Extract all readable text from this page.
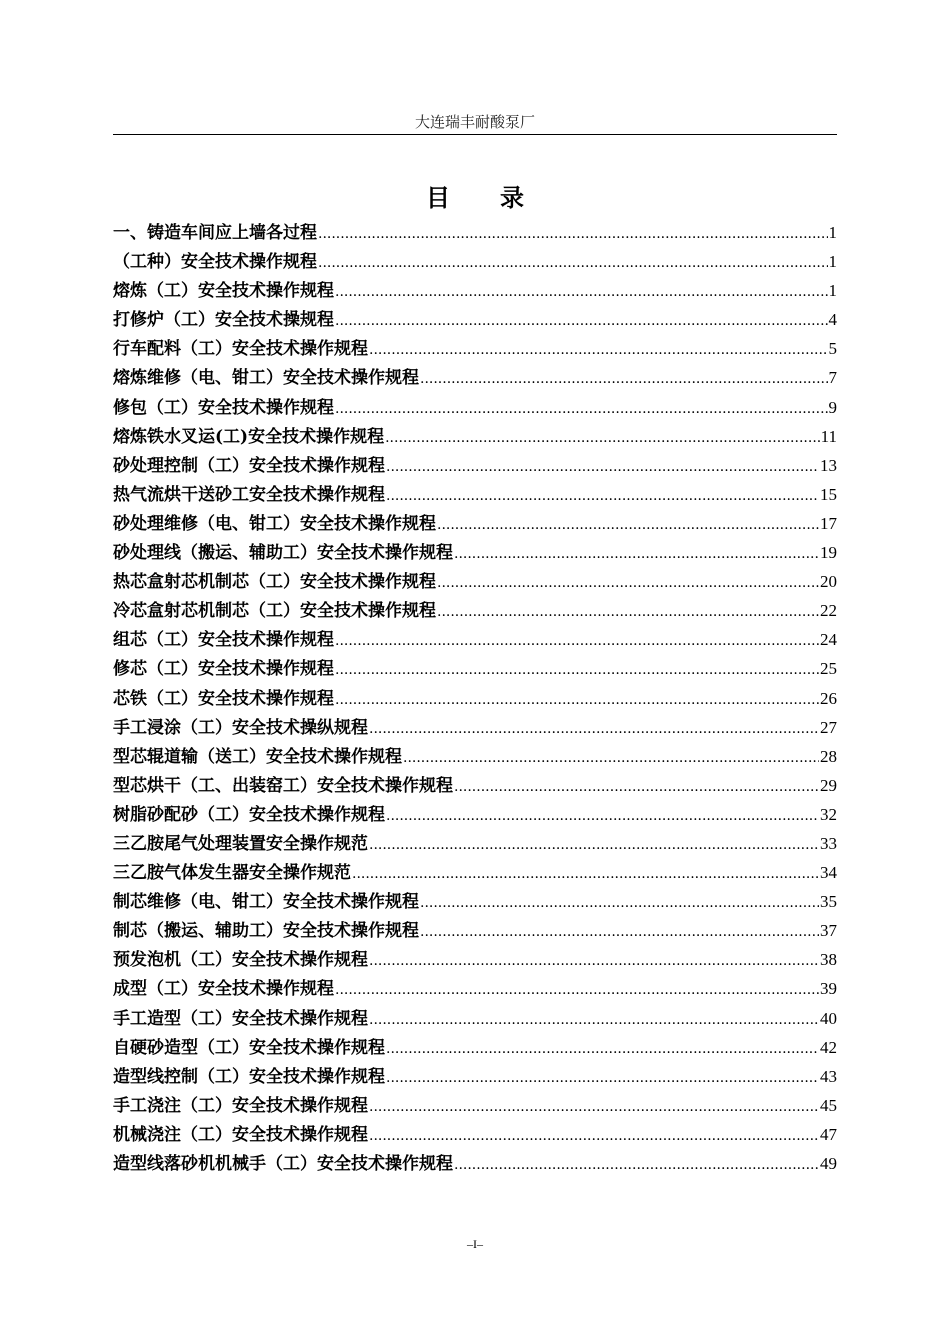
大连瑞丰耐酸泵厂
目录
一、铸造车间应上墙各过程 .....	1
（工种）安全技术操作规程 .....	1
熔炼（工）安全技术操作规程 .....	1
打修炉（工）安全技术操规程 .....	4
行车配料（工）安全技术操作规程 .....	5
熔炼维修（电、钳工）安全技术操作规程 .....	7
修包（工）安全技术操作规程 .....	9
熔炼铁水叉运(工)安全技术操作规程 .....	11
砂处理控制（工）安全技术操作规程 .....	13
热气流烘干送砂工安全技术操作规程 .....	15
砂处理维修（电、钳工）安全技术操作规程 .....	17
砂处理线（搬运、辅助工）安全技术操作规程 .....	19
热芯盒射芯机制芯（工）安全技术操作规程 .....	20
冷芯盒射芯机制芯（工）安全技术操作规程 .....	22
组芯（工）安全技术操作规程 .....	24
修芯（工）安全技术操作规程 .....	25
芯铁（工）安全技术操作规程 .....	26
手工浸涂（工）安全技术操纵规程 .....	27
型芯辊道输（送工）安全技术操作规程 .....	28
型芯烘干（工、出装窑工）安全技术操作规程 .....	29
树脂砂配砂（工）安全技术操作规程 .....	32
三乙胺尾气处理装置安全操作规范 .....	33
三乙胺气体发生器安全操作规范 .....	34
制芯维修（电、钳工）安全技术操作规程 .....	35
制芯（搬运、辅助工）安全技术操作规程 .....	37
预发泡机（工）安全技术操作规程 .....	38
成型（工）安全技术操作规程 .....	39
手工造型（工）安全技术操作规程 .....	40
自硬砂造型（工）安全技术操作规程 .....	42
造型线控制（工）安全技术操作规程 .....	43
手工浇注（工）安全技术操作规程 .....	45
机械浇注（工）安全技术操作规程 .....	47
造型线落砂机机械手（工）安全技术操作规程 .....	49
–I–
